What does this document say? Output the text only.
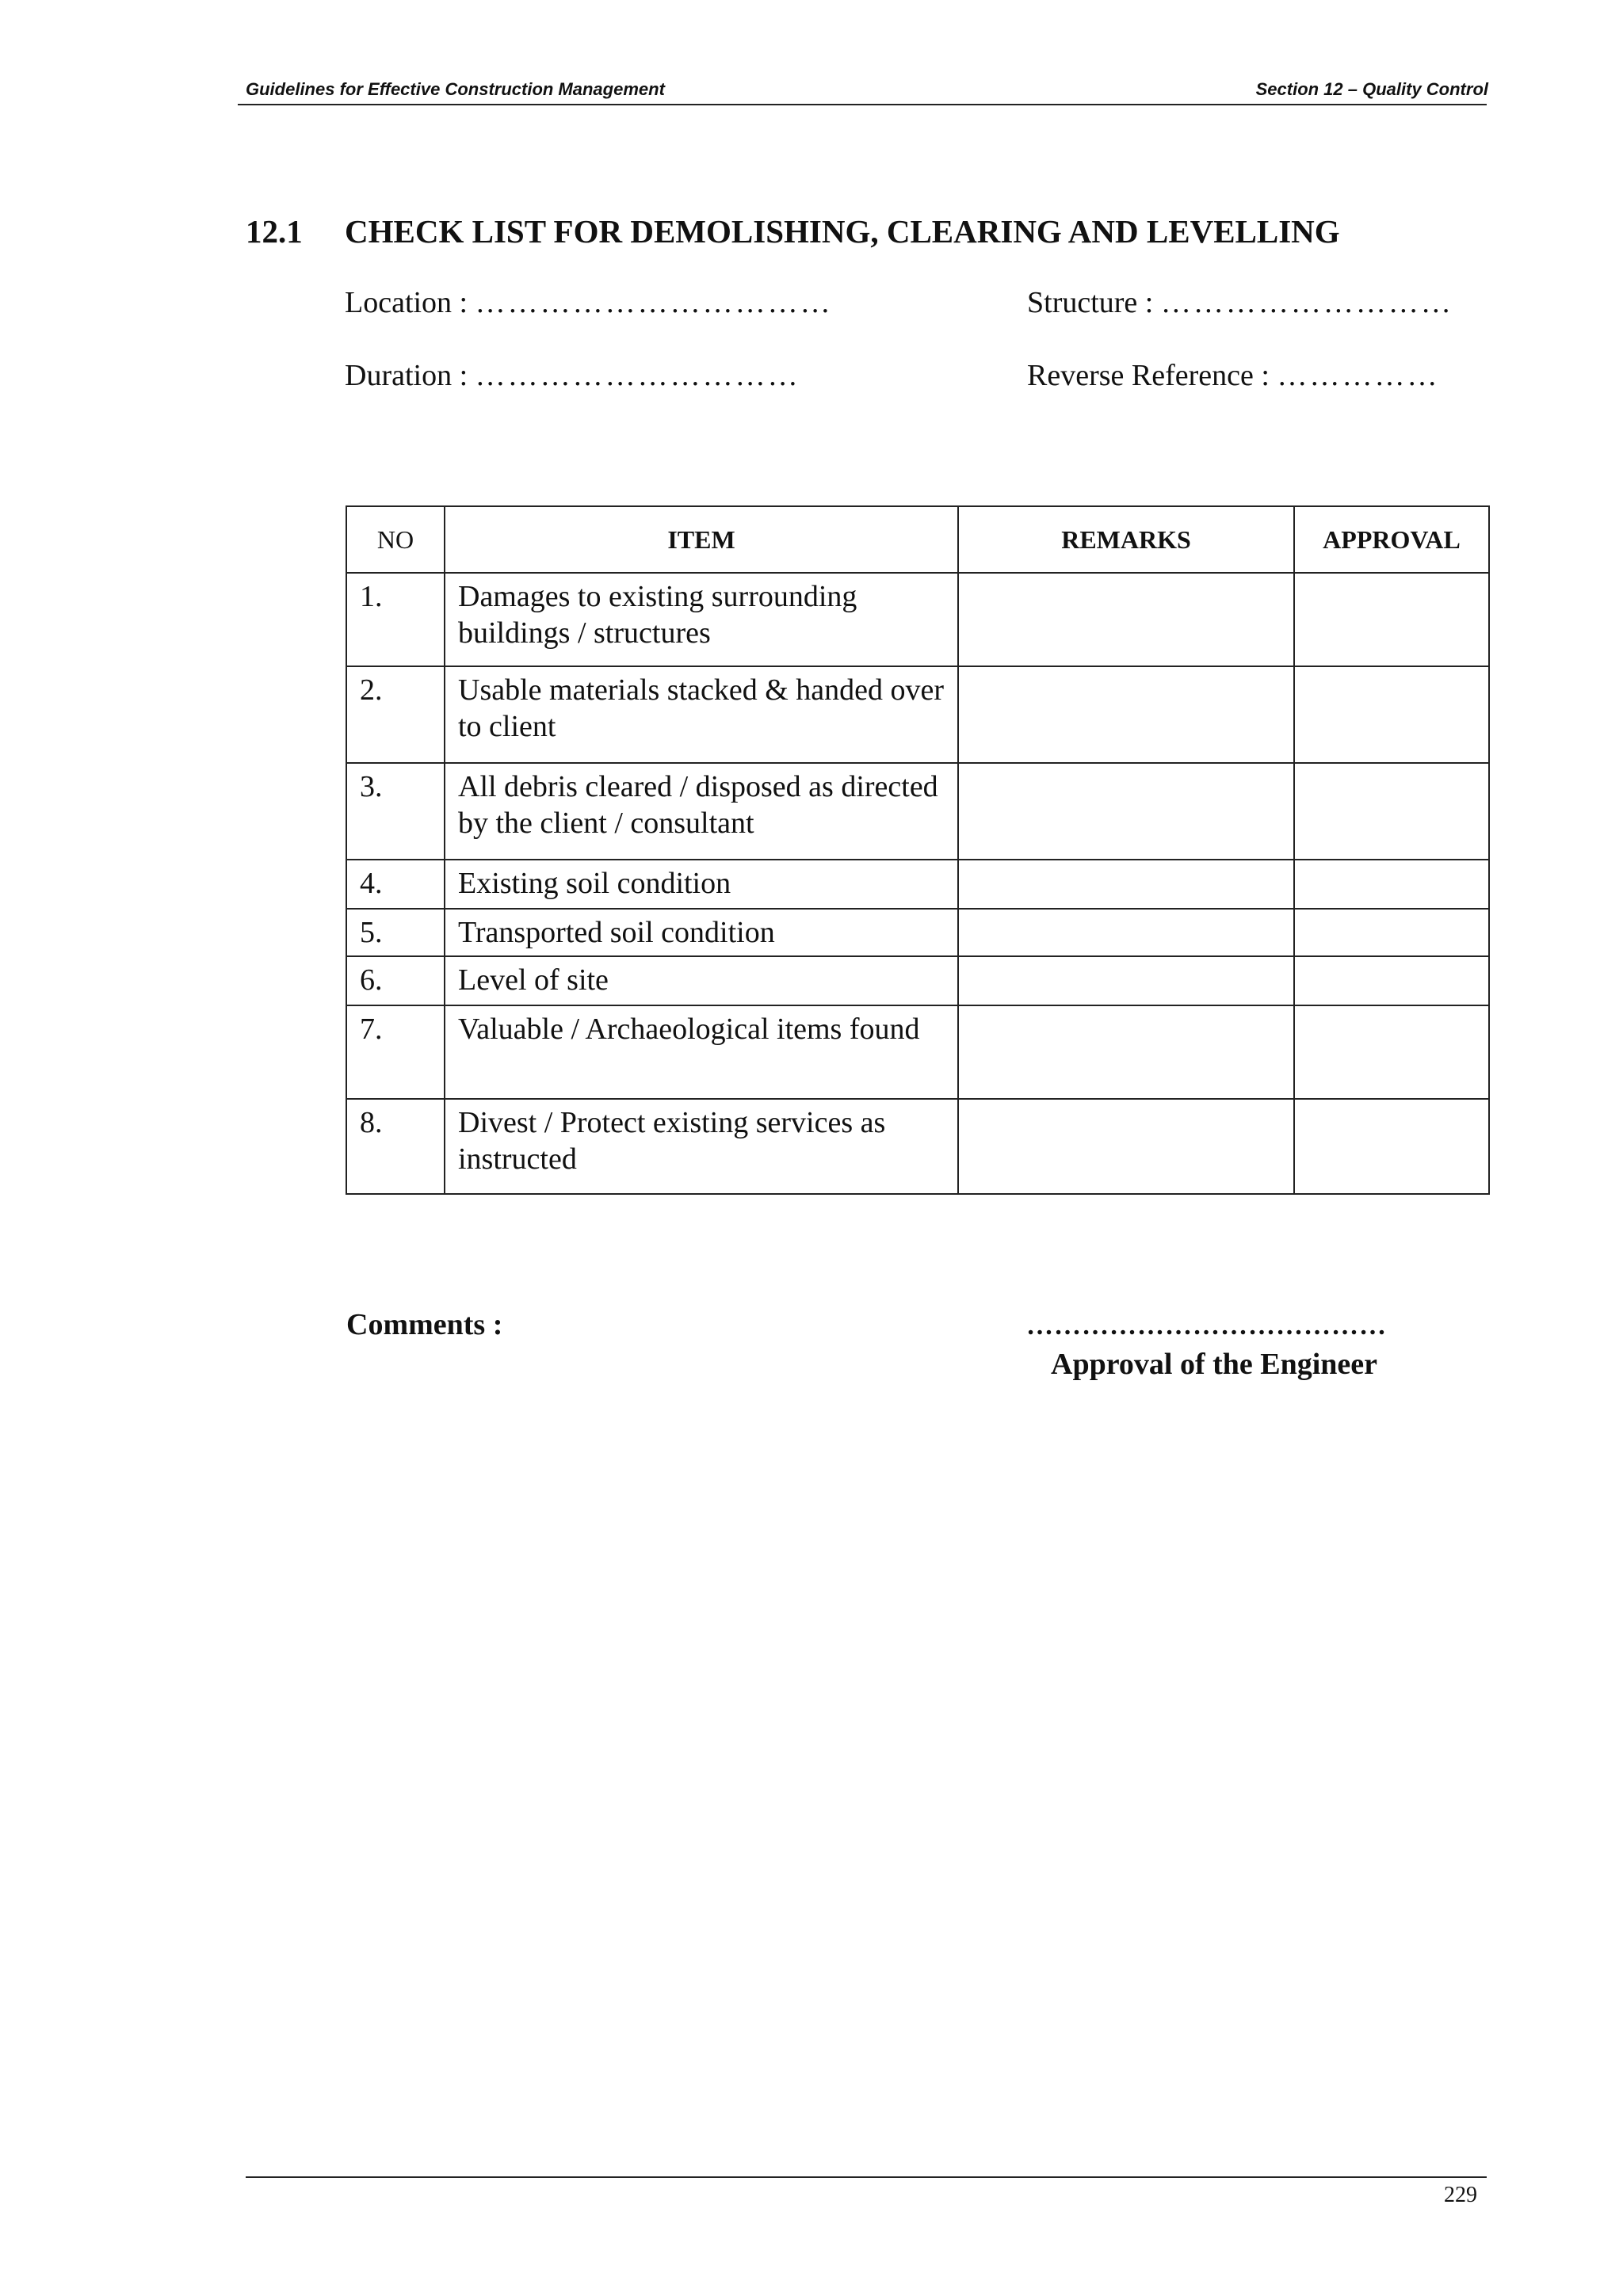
Guidelines for Effective Construction Management	Section 12 – Quality Control
12.1 CHECK LIST FOR DEMOLISHING, CLEARING AND LEVELLING
Location : ……………………………	Structure : ………………………
Duration : …………………………	Reverse Reference : ……………
NO	ITEM	REMARKS	APPROVAL
1.	Damages to existing surrounding buildings / structures		
2.	Usable materials stacked & handed over to client		
3.	All debris cleared / disposed as directed by the client / consultant		
4.	Existing soil condition		
5.	Transported soil condition		
6.	Level of site		
7.	Valuable / Archaeological items found		
8.	Divest / Protect existing services as instructed		
Comments :	…………………………………
Approval of the Engineer
229
